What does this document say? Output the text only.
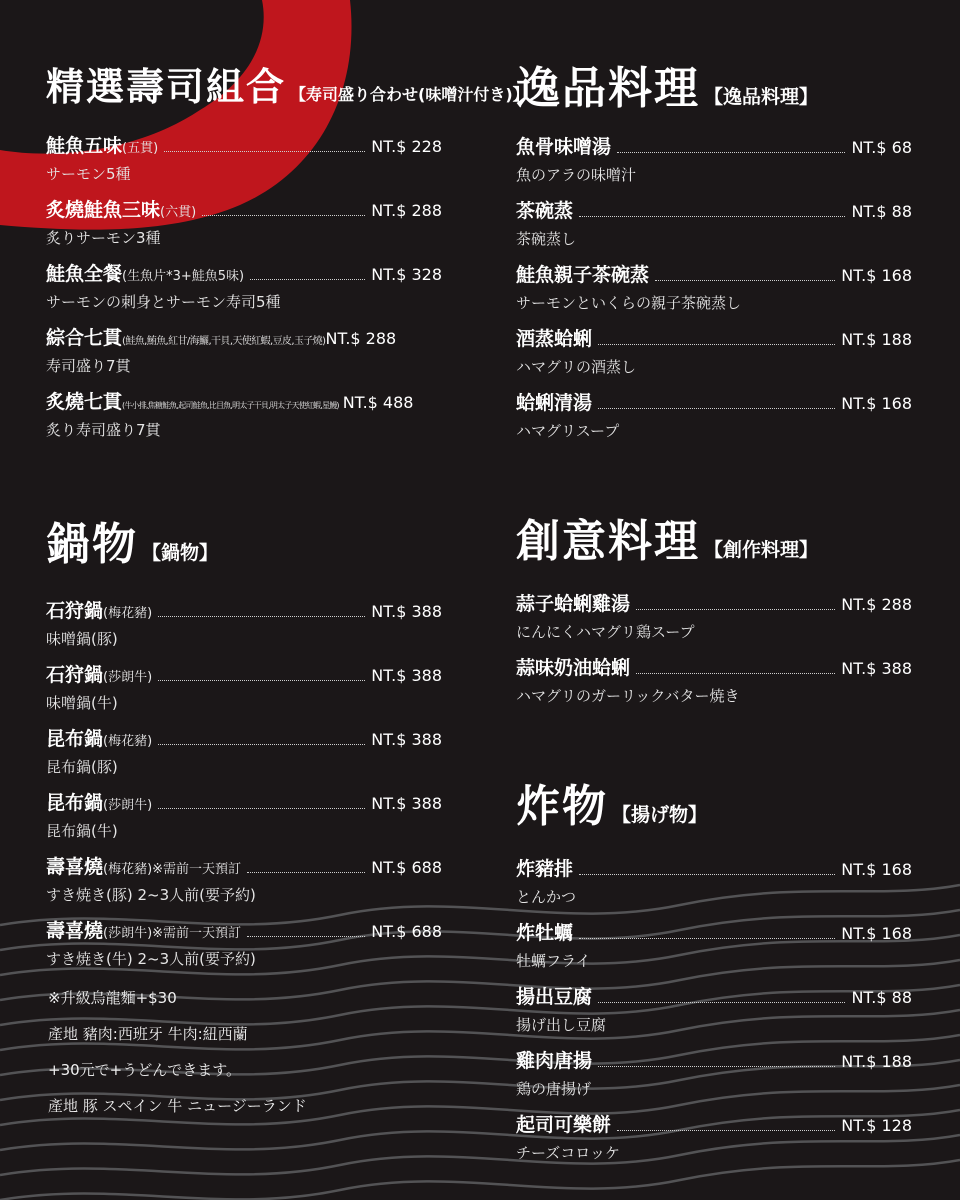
精選壽司組合 【寿司盛り合わせ(味噌汁付き)】
鮭魚五味 (五貫)	NT.$ 228
サーモン5種
炙燒鮭魚三味 (六貫)	NT.$ 288
炙りサーモン3種
鮭魚全餐 (生魚片*3+鮭魚5味)	NT.$ 328
サーモンの刺身とサーモン寿司5種
綜合七貫 (鮭魚,鮪魚,紅甘/海鱺,干貝,天使紅蝦,豆皮,玉子燒) NT.$ 288
寿司盛り7貫
炙燒七貫 (牛小排,焦糖鮭魚,起司鮭魚,比目魚,明太子干貝,明太子天使紅蝦,星鰻) NT.$ 488
炙り寿司盛り7貫
逸品料理 【逸品料理】
魚骨味噌湯	NT.$ 68
魚のアラの味噌汁
茶碗蒸	NT.$ 88
茶碗蒸し
鮭魚親子茶碗蒸	NT.$ 168
サーモンといくらの親子茶碗蒸し
酒蒸蛤蜊	NT.$ 188
ハマグリの酒蒸し
蛤蜊清湯	NT.$ 168
ハマグリスープ
鍋物 【鍋物】
石狩鍋 (梅花豬)	NT.$ 388
味噌鍋(豚)
石狩鍋 (莎朗牛)	NT.$ 388
味噌鍋(牛)
昆布鍋 (梅花豬)	NT.$ 388
昆布鍋(豚)
昆布鍋 (莎朗牛)	NT.$ 388
昆布鍋(牛)
壽喜燒 (梅花豬)※需前一天預訂	NT.$ 688
すき焼き(豚) 2~3人前(要予約)
壽喜燒 (莎朗牛)※需前一天預訂	NT.$ 688
すき焼き(牛) 2~3人前(要予約)
※升級烏龍麵+$30
產地 豬肉:西班牙 牛肉:紐西蘭
+30元で+うどんできます。
產地 豚 スペイン 牛 ニュージーランド
創意料理 【創作料理】
蒜子蛤蜊雞湯	NT.$ 288
にんにくハマグリ鶏スープ
蒜味奶油蛤蜊	NT.$ 388
ハマグリのガーリックバター焼き
炸物 【揚げ物】
炸豬排	NT.$ 168
とんかつ
炸牡蠣	NT.$ 168
牡蠣フライ
揚出豆腐	NT.$ 88
揚げ出し豆腐
雞肉唐揚	NT.$ 188
鶏の唐揚げ
起司可樂餅	NT.$ 128
チーズコロッケ
